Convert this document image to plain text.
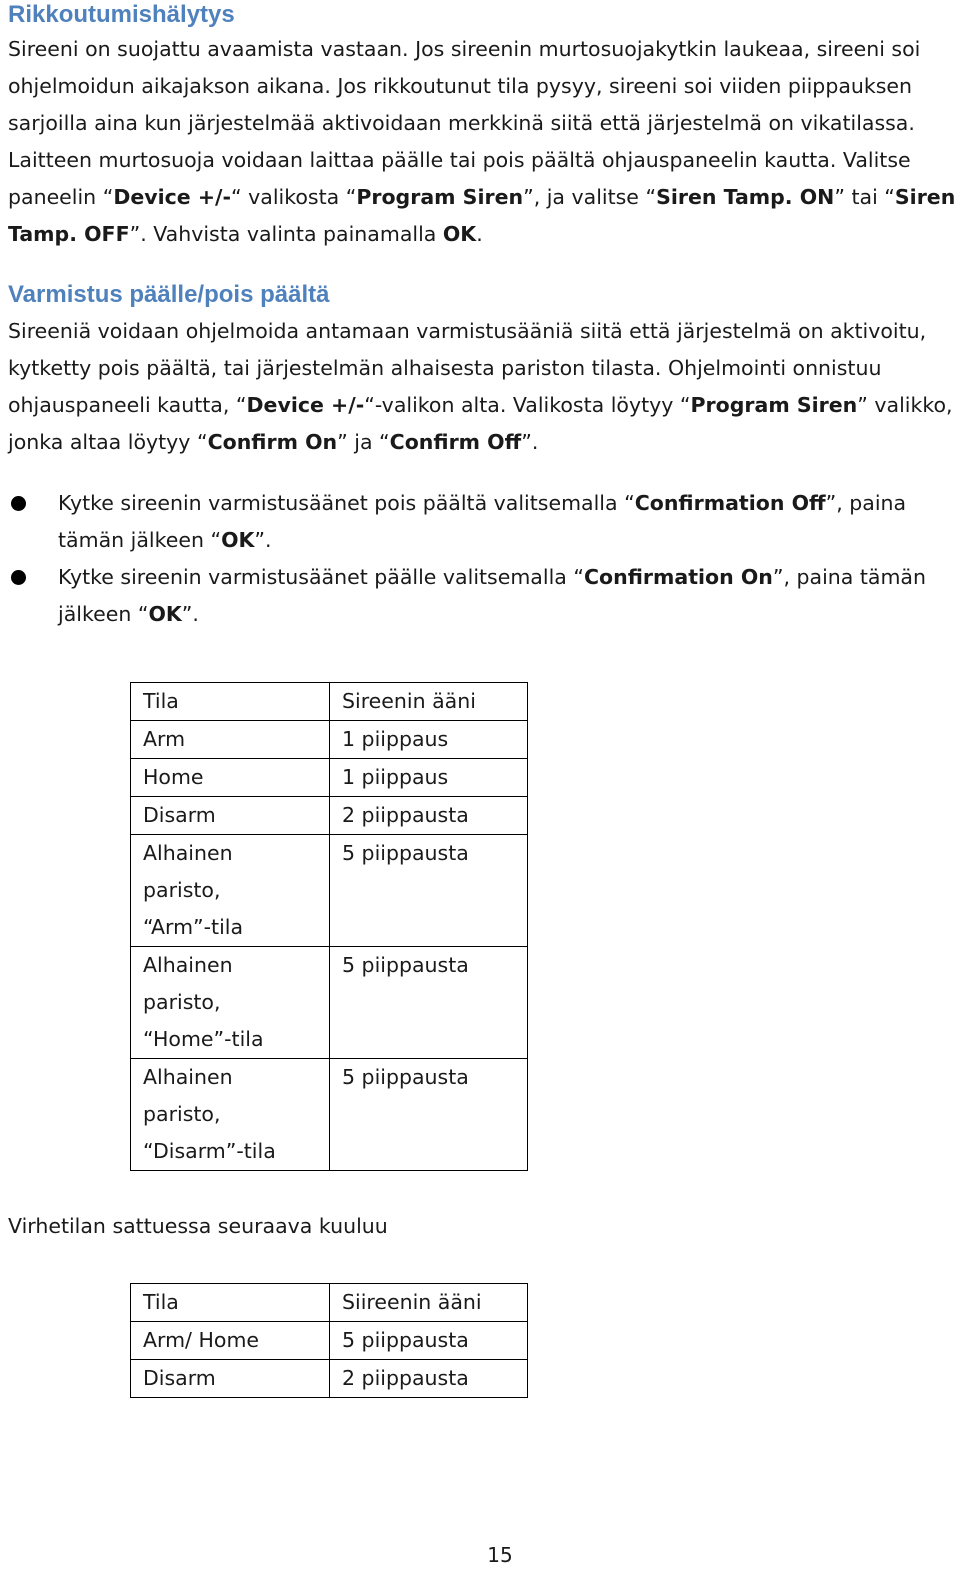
Rikkoutumishälytys

Sireeni on suojattu avaamista vastaan. Jos sireenin murtosuojakytkin laukeaa, sireeni soi ohjelmoidun aikajakson aikana. Jos rikkoutunut tila pysyy, sireeni soi viiden piippauksen sarjoilla aina kun järjestelmää aktivoidaan merkkinä siitä että järjestelmä on vikatilassa. Laitteen murtosuojа voidaan laittaa päälle tai pois päältä ohjauspaneelin kautta. Valitse paneelin “Device +/-“ valikosta “Program Siren”, ja valitse “Siren Tamp. ON” tai “Siren Tamp. OFF”. Vahvista valinta painamalla OK.

Varmistus päälle/pois päältä

Sireeniä voidaan ohjelmoida antamaan varmistusääniä siitä että järjestelmä on aktivoitu, kytketty pois päältä, tai järjestelmän alhaisesta pariston tilasta. Ohjelmointi onnistuu ohjauspaneeli kautta, “Device +/-“-valikon alta. Valikosta löytyy “Program Siren” valikko, jonka altaa löytyy “Confirm On” ja “Confirm Off”.

Kytke sireenin varmistusäänet pois päältä valitsemalla “Confirmation Off”, paina tämän jälkeen “OK”.
Kytke sireenin varmistusäänet päälle valitsemalla “Confirmation On”, paina tämän jälkeen “OK”.
Tila	Sireenin ääni

Arm	1 piippaus

Home	1 piippaus

Disarm	2 piippausta

Alhainen
paristo,
“Arm”-tila	5 piippausta

Alhainen
paristo,
“Home”-tila	5 piippausta

Alhainen
paristo,
“Disarm”-tila	5 piippausta

Virhetilan sattuessa seuraava kuuluu

Tila	Siireenin ääni

Arm/ Home	5 piippausta

Disarm	2 piippausta
15
